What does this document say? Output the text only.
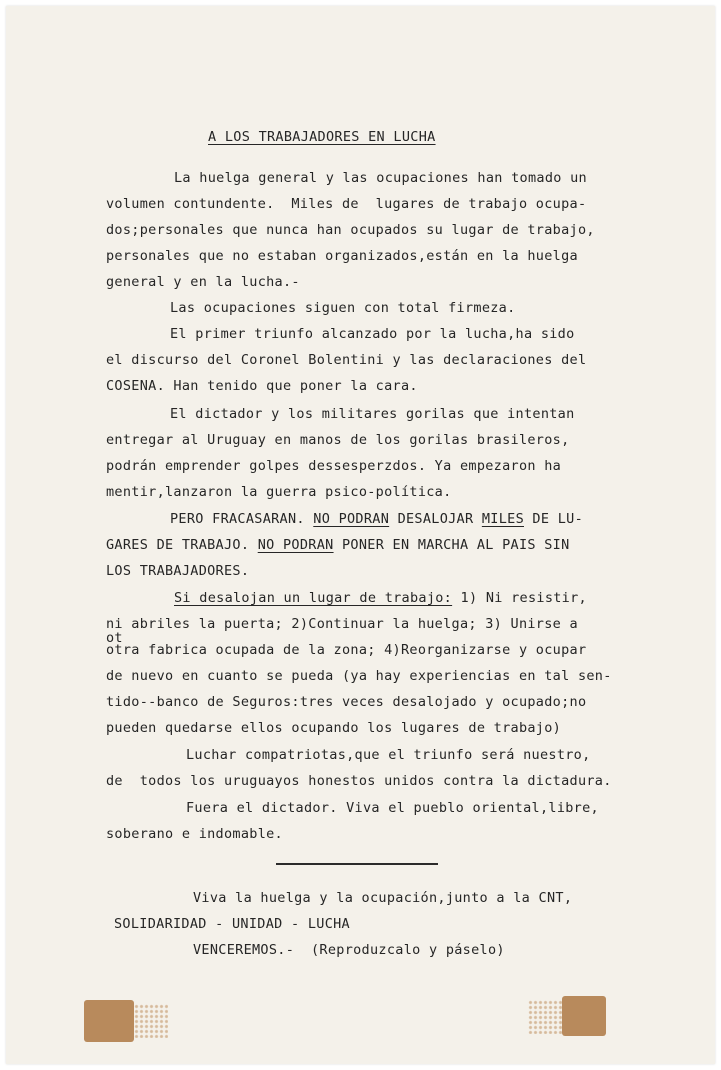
A LOS TRABAJADORES EN LUCHA
La huelga general y las ocupaciones han tomado un
volumen contundente.  Miles de  lugares de trabajo ocupa-
dos;personales que nunca han ocupados su lugar de trabajo,
personales que no estaban organizados,están en la huelga
general y en la lucha.-
Las ocupaciones siguen con total firmeza.
El primer triunfo alcanzado por la lucha,ha sido
el discurso del Coronel Bolentini y las declaraciones del
COSENA. Han tenido que poner la cara.
El dictador y los militares gorilas que intentan
entregar al Uruguay en manos de los gorilas brasileros,
podrán emprender golpes dessesperzdos. Ya empezaron ha
mentir,lanzaron la guerra psico-política.
PERO FRACASARAN. NO PODRAN DESALOJAR MILES DE LU-
GARES DE TRABAJO. NO PODRAN PONER EN MARCHA AL PAIS SIN
LOS TRABAJADORES.
Si desalojan un lugar de trabajo: 1) Ni resistir,
ni abriles la puerta; 2)Continuar la huelga; 3) Unirse a
ot
otra fabrica ocupada de la zona; 4)Reorganizarse y ocupar
de nuevo en cuanto se pueda (ya hay experiencias en tal sen-
tido--banco de Seguros:tres veces desalojado y ocupado;no
pueden quedarse ellos ocupando los lugares de trabajo)
Luchar compatriotas,que el triunfo será nuestro,
de  todos los uruguayos honestos unidos contra la dictadura.
Fuera el dictador. Viva el pueblo oriental,libre,
soberano e indomable.
Viva la huelga y la ocupación,junto a la CNT,
SOLIDARIDAD - UNIDAD - LUCHA
VENCEREMOS.-  (Reproduzcalo y páselo)
